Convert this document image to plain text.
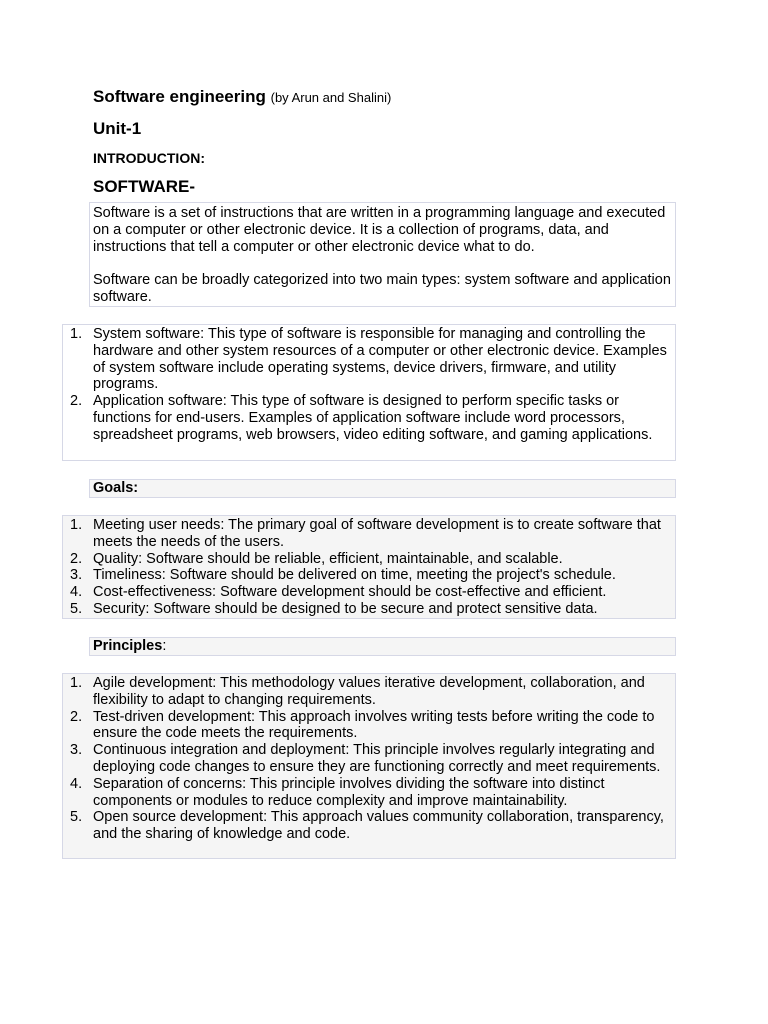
Software engineering (by Arun and Shalini)
Unit-1
INTRODUCTION:
SOFTWARE-

Software is a set of instructions that are written in a programming language and executed on a computer or other electronic device. It is a collection of programs, data, and instructions that tell a computer or other electronic device what to do.

Software can be broadly categorized into two main types: system software and application software.

1. System software: This type of software is responsible for managing and controlling the hardware and other system resources of a computer or other electronic device. Examples of system software include operating systems, device drivers, firmware, and utility programs.
2. Application software: This type of software is designed to perform specific tasks or functions for end-users. Examples of application software include word processors, spreadsheet programs, web browsers, video editing software, and gaming applications.
Goals:
1. Meeting user needs: The primary goal of software development is to create software that meets the needs of the users.
2. Quality: Software should be reliable, efficient, maintainable, and scalable.
3. Timeliness: Software should be delivered on time, meeting the project's schedule.
4. Cost-effectiveness: Software development should be cost-effective and efficient.
5. Security: Software should be designed to be secure and protect sensitive data.
Principles:
1. Agile development: This methodology values iterative development, collaboration, and flexibility to adapt to changing requirements.
2. Test-driven development: This approach involves writing tests before writing the code to ensure the code meets the requirements.
3. Continuous integration and deployment: This principle involves regularly integrating and deploying code changes to ensure they are functioning correctly and meet requirements.
4. Separation of concerns: This principle involves dividing the software into distinct components or modules to reduce complexity and improve maintainability.
5. Open source development: This approach values community collaboration, transparency, and the sharing of knowledge and code.
